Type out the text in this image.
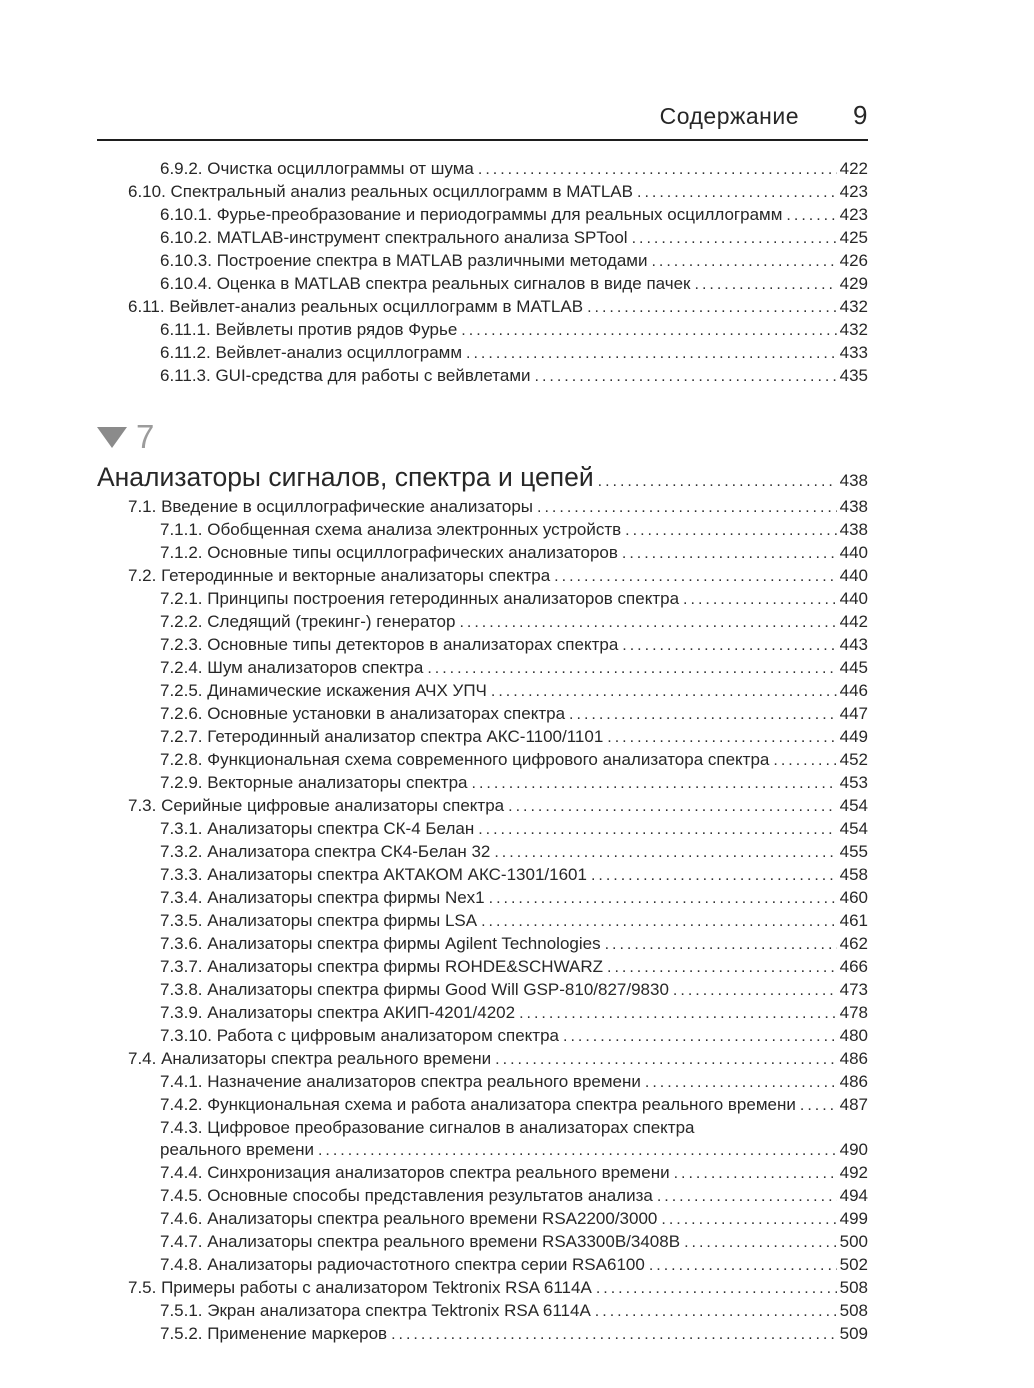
Содержание 9
6.9.2. Очистка осциллограммы от шума .....	422
6.10. Спектральный анализ реальных осциллограмм в MATLAB .....	423
6.10.1. Фурье-преобразование и периодограммы для реальных осциллограмм .....	423
6.10.2. MATLAB-инструмент спектрального анализа SPTool .....	425
6.10.3. Построение спектра в MATLAB различными методами .....	426
6.10.4. Оценка в MATLAB спектра реальных сигналов в виде пачек .....	429
6.11. Вейвлет-анализ реальных осциллограмм в MATLAB .....	432
6.11.1. Вейвлеты против рядов Фурье .....	432
6.11.2. Вейвлет-анализ осциллограмм .....	433
6.11.3. GUI-средства для работы с вейвлетами .....	435
7
Анализаторы сигналов, спектра и цепей .....	438
7.1. Введение в осциллографические анализаторы .....	438
7.1.1. Обобщенная схема анализа электронных устройств .....	438
7.1.2. Основные типы осциллографических анализаторов .....	440
7.2. Гетеродинные и векторные анализаторы спектра .....	440
7.2.1. Принципы построения гетеродинных анализаторов спектра .....	440
7.2.2. Следящий (трекинг-) генератор .....	442
7.2.3. Основные типы детекторов в анализаторах спектра .....	443
7.2.4. Шум анализаторов спектра .....	445
7.2.5. Динамические искажения АЧХ УПЧ .....	446
7.2.6. Основные установки в анализаторах спектра .....	447
7.2.7. Гетеродинный анализатор спектра АКС-1100/1101 .....	449
7.2.8. Функциональная схема современного цифрового анализатора спектра .....	452
7.2.9. Векторные анализаторы спектра .....	453
7.3. Серийные цифровые анализаторы спектра .....	454
7.3.1. Анализаторы спектра СК-4 Белан .....	454
7.3.2. Анализатора спектра СК4-Белан 32 .....	455
7.3.3. Анализаторы спектра АКТАКОМ АКС-1301/1601 .....	458
7.3.4. Анализаторы спектра фирмы Nex1 .....	460
7.3.5. Анализаторы спектра фирмы LSA .....	461
7.3.6. Анализаторы спектра фирмы Agilent Technologies .....	462
7.3.7. Анализаторы спектра фирмы ROHDE&SCHWARZ .....	466
7.3.8. Анализаторы спектра фирмы Good Will GSP-810/827/9830 .....	473
7.3.9. Анализаторы спектра АКИП-4201/4202 .....	478
7.3.10. Работа с цифровым анализатором спектра .....	480
7.4. Анализаторы спектра реального времени .....	486
7.4.1. Назначение анализаторов спектра реального времени .....	486
7.4.2. Функциональная схема и работа анализатора спектра реального времени .....	487
7.4.3. Цифровое преобразование сигналов в анализаторах спектра
реального времени .....	490
7.4.4. Синхронизация анализаторов спектра реального времени .....	492
7.4.5. Основные способы представления результатов анализа .....	494
7.4.6. Анализаторы спектра реального времени RSA2200/3000 .....	499
7.4.7. Анализаторы спектра реального времени RSA3300B/3408B .....	500
7.4.8. Анализаторы радиочастотного спектра серии RSA6100 .....	502
7.5. Примеры работы с анализатором Tektronix RSA 6114A .....	508
7.5.1. Экран анализатора спектра Tektronix RSA 6114A .....	508
7.5.2. Применение маркеров .....	509
